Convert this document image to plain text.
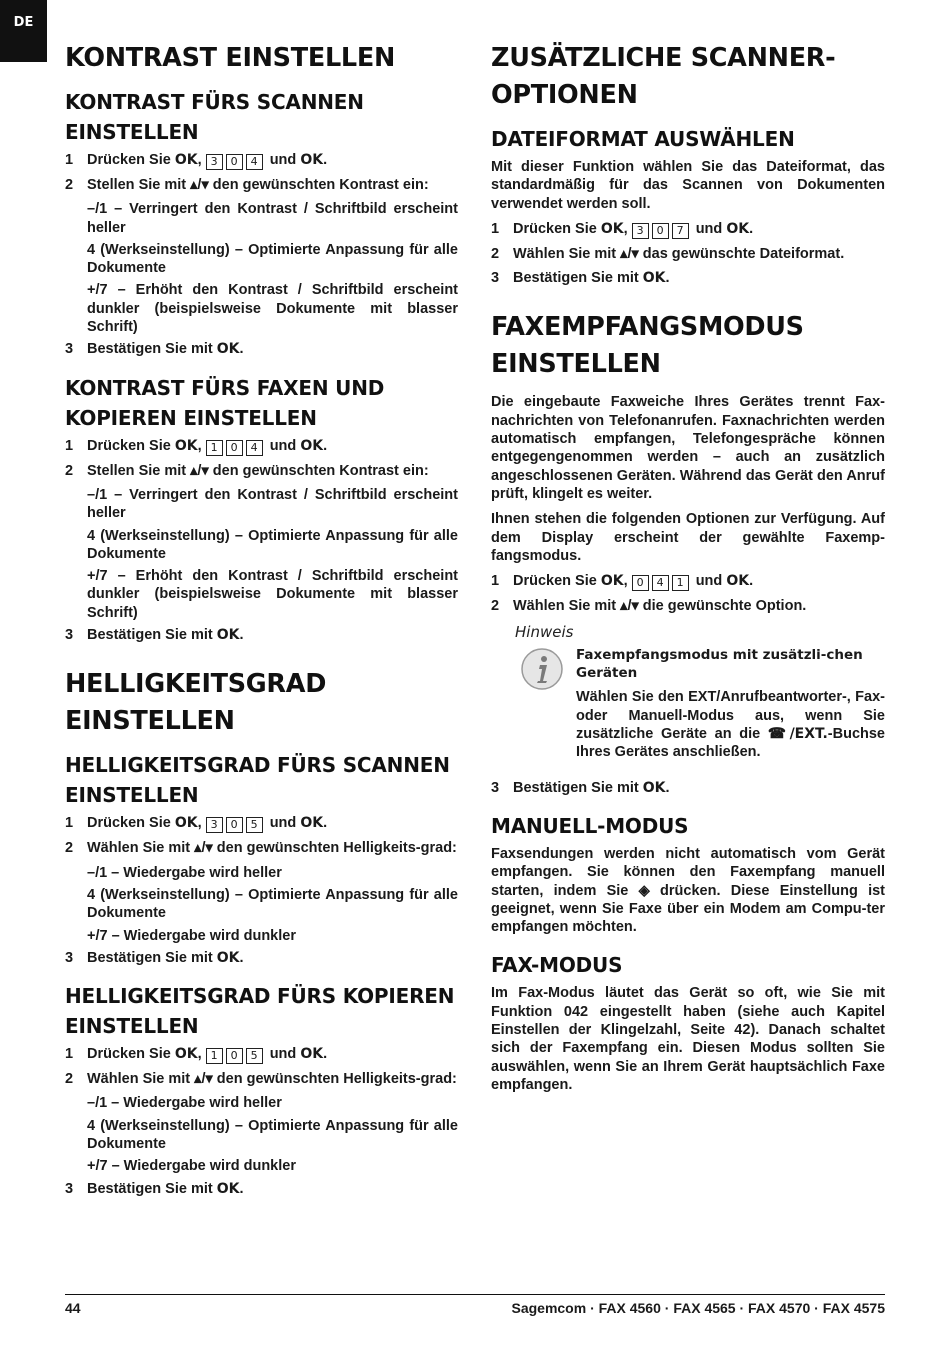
DE
KONTRAST EINSTELLEN
KONTRAST FÜRS SCANNEN EINSTELLEN
1 Drücken Sie OK, 3 0 4 und OK.
2 Stellen Sie mit ▴/▾ den gewünschten Kontrast ein:
–/1 – Verringert den Kontrast / Schriftbild erscheint heller
4 (Werkseinstellung) – Optimierte Anpassung für alle Dokumente
+/7 – Erhöht den Kontrast / Schriftbild erscheint dunkler (beispielsweise Dokumente mit blasser Schrift)
3 Bestätigen Sie mit OK.
KONTRAST FÜRS FAXEN UND KOPIEREN EINSTELLEN
1 Drücken Sie OK, 1 0 4 und OK.
2 Stellen Sie mit ▴/▾ den gewünschten Kontrast ein:
–/1 – Verringert den Kontrast / Schriftbild erscheint heller
4 (Werkseinstellung) – Optimierte Anpassung für alle Dokumente
+/7 – Erhöht den Kontrast / Schriftbild erscheint dunkler (beispielsweise Dokumente mit blasser Schrift)
3 Bestätigen Sie mit OK.
HELLIGKEITSGRAD EINSTELLEN
HELLIGKEITSGRAD FÜRS SCANNEN EINSTELLEN
1 Drücken Sie OK, 3 0 5 und OK.
2 Wählen Sie mit ▴/▾ den gewünschten Helligkeits-grad:
–/1 – Wiedergabe wird heller
4 (Werkseinstellung) – Optimierte Anpassung für alle Dokumente
+/7 – Wiedergabe wird dunkler
3 Bestätigen Sie mit OK.
HELLIGKEITSGRAD FÜRS KOPIEREN EINSTELLEN
1 Drücken Sie OK, 1 0 5 und OK.
2 Wählen Sie mit ▴/▾ den gewünschten Helligkeits-grad:
–/1 – Wiedergabe wird heller
4 (Werkseinstellung) – Optimierte Anpassung für alle Dokumente
+/7 – Wiedergabe wird dunkler
3 Bestätigen Sie mit OK.
ZUSÄTZLICHE SCANNER-OPTIONEN
DATEIFORMAT AUSWÄHLEN

Mit dieser Funktion wählen Sie das Dateiformat, das standardmäßig für das Scannen von Dokumenten verwendet werden soll.

1 Drücken Sie OK, 3 0 7 und OK.
2 Wählen Sie mit ▴/▾ das gewünschte Dateiformat.
3 Bestätigen Sie mit OK.
FAXEMPFANGSMODUS EINSTELLEN

Die eingebaute Faxweiche Ihres Gerätes trennt Fax-nachrichten von Telefonanrufen. Faxnachrichten werden automatisch empfangen, Telefongespräche können entgegengenommen werden – auch an zusätzlich angeschlossenen Geräten. Während das Gerät den Anruf prüft, klingelt es weiter.

Ihnen stehen die folgenden Optionen zur Verfügung. Auf dem Display erscheint der gewählte Faxemp-fangsmodus.

1 Drücken Sie OK, 0 4 1 und OK.
2 Wählen Sie mit ▴/▾ die gewünschte Option.
Hinweis
Faxempfangsmodus mit zusätzli-chen Geräten

Wählen Sie den EXT/Anrufbeantworter-, Fax- oder Manuell-Modus aus, wenn Sie zusätzliche Geräte an die ☎/EXT.-Buchse Ihres Gerätes anschließen.

3 Bestätigen Sie mit OK.
MANUELL-MODUS

Faxsendungen werden nicht automatisch vom Gerät empfangen. Sie können den Faxempfang manuell starten, indem Sie ◈ drücken. Diese Einstellung ist geeignet, wenn Sie Faxe über ein Modem am Compu-ter empfangen möchten.

FAX-MODUS

Im Fax-Modus läutet das Gerät so oft, wie Sie mit Funktion 042 eingestellt haben (siehe auch Kapitel Einstellen der Klingelzahl, Seite 42). Danach schaltet sich der Faxempfang ein. Diesen Modus sollten Sie auswählen, wenn Sie an Ihrem Gerät hauptsächlich Faxe empfangen.

44	Sagemcom · FAX 4560 · FAX 4565 · FAX 4570 · FAX 4575
